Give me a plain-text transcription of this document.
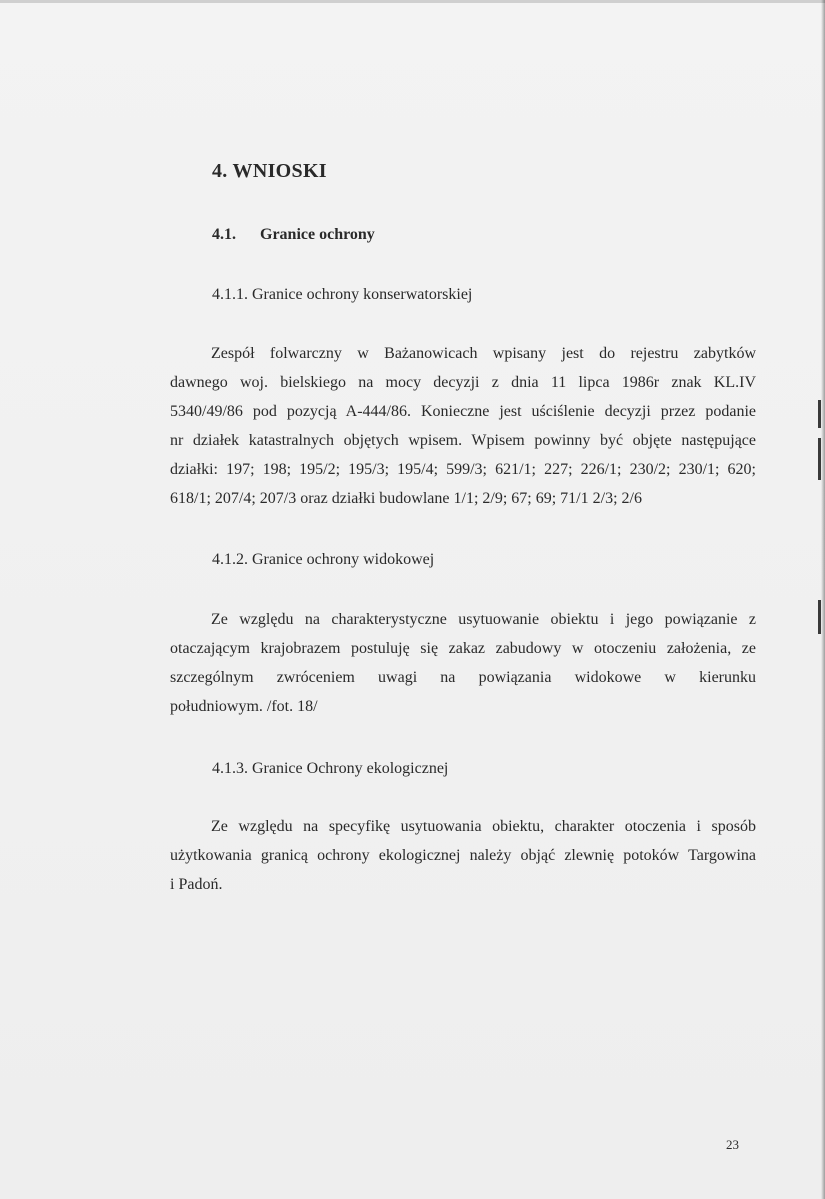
4. WNIOSKI
4.1. Granice ochrony
4.1.1. Granice ochrony konserwatorskiej
Zespół folwarczny w Bażanowicach wpisany jest do rejestru zabytków
dawnego woj. bielskiego na mocy decyzji z dnia 11 lipca 1986r znak KL.IV
5340/49/86 pod pozycją A-444/86. Konieczne jest uściślenie decyzji przez podanie
nr działek katastralnych objętych wpisem. Wpisem powinny być objęte następujące
działki: 197; 198; 195/2; 195/3; 195/4; 599/3; 621/1; 227; 226/1; 230/2; 230/1; 620;
618/1; 207/4; 207/3 oraz działki budowlane 1/1; 2/9; 67; 69; 71/1 2/3; 2/6
4.1.2. Granice ochrony widokowej
Ze względu na charakterystyczne usytuowanie obiektu i jego powiązanie z
otaczającym krajobrazem postuluję się zakaz zabudowy w otoczeniu założenia, ze
szczególnym zwróceniem uwagi na powiązania widokowe w kierunku
południowym. /fot. 18/
4.1.3. Granice Ochrony ekologicznej
Ze względu na specyfikę usytuowania obiektu, charakter otoczenia i sposób
użytkowania granicą ochrony ekologicznej należy objąć zlewnię potoków Targowina
i Padoń.
23
